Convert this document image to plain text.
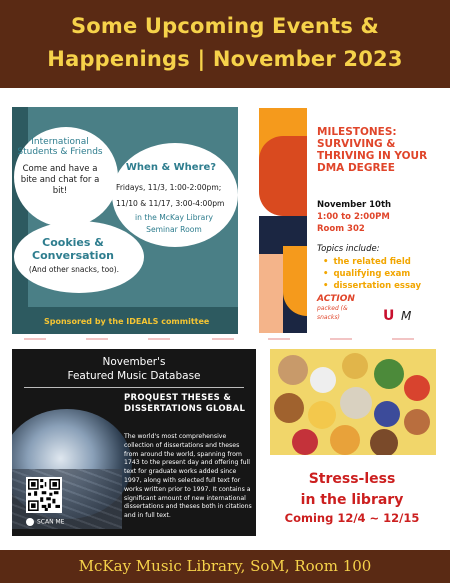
Some Upcoming Events &
Happenings | November 2023
International Students & Friends
Come and have a bite and chat for a bit!
When & Where?
Fridays, 11/3, 1:00-2:00pm;
11/10 & 11/17, 3:00-4:00pm
in the McKay Library Seminar Room
Cookies & Conversation
(And other snacks, too).
Sponsored by the IDEALS committee
MILESTONES: SURVIVING & THRIVING IN YOUR DMA DEGREE
November 10th
1:00 to 2:00PM
Room 302
Topics include:
• the related field
• qualifying exam
• dissertation essay
ACTION
packed (& snacks)	U M
November's
Featured Music Database
PROQUEST THESES &
DISSERTATIONS GLOBAL
The world's most comprehensive collection of dissertations and theses from around the world, spanning from 1743 to the present day and offering full text for graduate works added since 1997, along with selected full text for works written prior to 1997. It contains a significant amount of new international dissertations and theses both in citations and in full text.
SCAN ME
Stress-less
in the library
Coming 12/4 ~ 12/15
McKay Music Library, SoM, Room 100
